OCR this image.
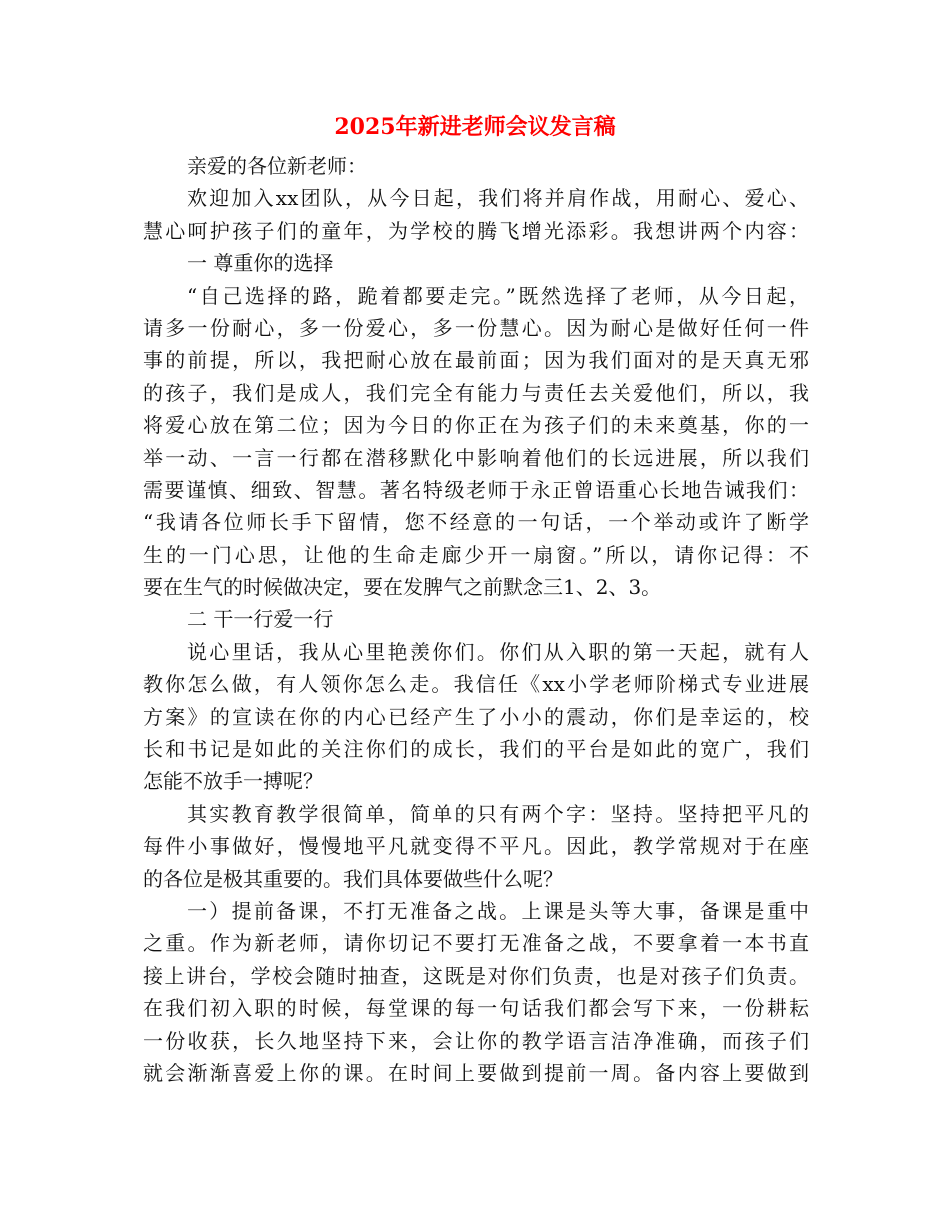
2025年新进老师会议发言稿
亲爱的各位新老师：
欢迎加入xx团队，从今日起，我们将并肩作战，用耐心、爱心、
慧心呵护孩子们的童年，为学校的腾飞增光添彩。我想讲两个内容：
一 尊重你的选择
“自己选择的路，跪着都要走完。”既然选择了老师，从今日起，
请多一份耐心，多一份爱心，多一份慧心。因为耐心是做好任何一件
事的前提，所以，我把耐心放在最前面；因为我们面对的是天真无邪
的孩子，我们是成人，我们完全有能力与责任去关爱他们，所以，我
将爱心放在第二位；因为今日的你正在为孩子们的未来奠基，你的一
举一动、一言一行都在潜移默化中影响着他们的长远进展，所以我们
需要谨慎、细致、智慧。著名特级老师于永正曾语重心长地告诫我们：
“我请各位师长手下留情，您不经意的一句话，一个举动或许了断学
生的一门心思，让他的生命走廊少开一扇窗。”所以，请你记得：不
要在生气的时候做决定，要在发脾气之前默念三1、2、3。
二 干一行爱一行
说心里话，我从心里艳羡你们。你们从入职的第一天起，就有人
教你怎么做，有人领你怎么走。我信任《xx小学老师阶梯式专业进展
方案》的宣读在你的内心已经产生了小小的震动，你们是幸运的，校
长和书记是如此的关注你们的成长，我们的平台是如此的宽广，我们
怎能不放手一搏呢？
其实教育教学很简单，简单的只有两个字：坚持。坚持把平凡的
每件小事做好，慢慢地平凡就变得不平凡。因此，教学常规对于在座
的各位是极其重要的。我们具体要做些什么呢？
一）提前备课，不打无准备之战。上课是头等大事，备课是重中
之重。作为新老师，请你切记不要打无准备之战，不要拿着一本书直
接上讲台，学校会随时抽查，这既是对你们负责，也是对孩子们负责。
在我们初入职的时候，每堂课的每一句话我们都会写下来，一份耕耘
一份收获，长久地坚持下来，会让你的教学语言洁净准确，而孩子们
就会渐渐喜爱上你的课。在时间上要做到提前一周。备内容上要做到
